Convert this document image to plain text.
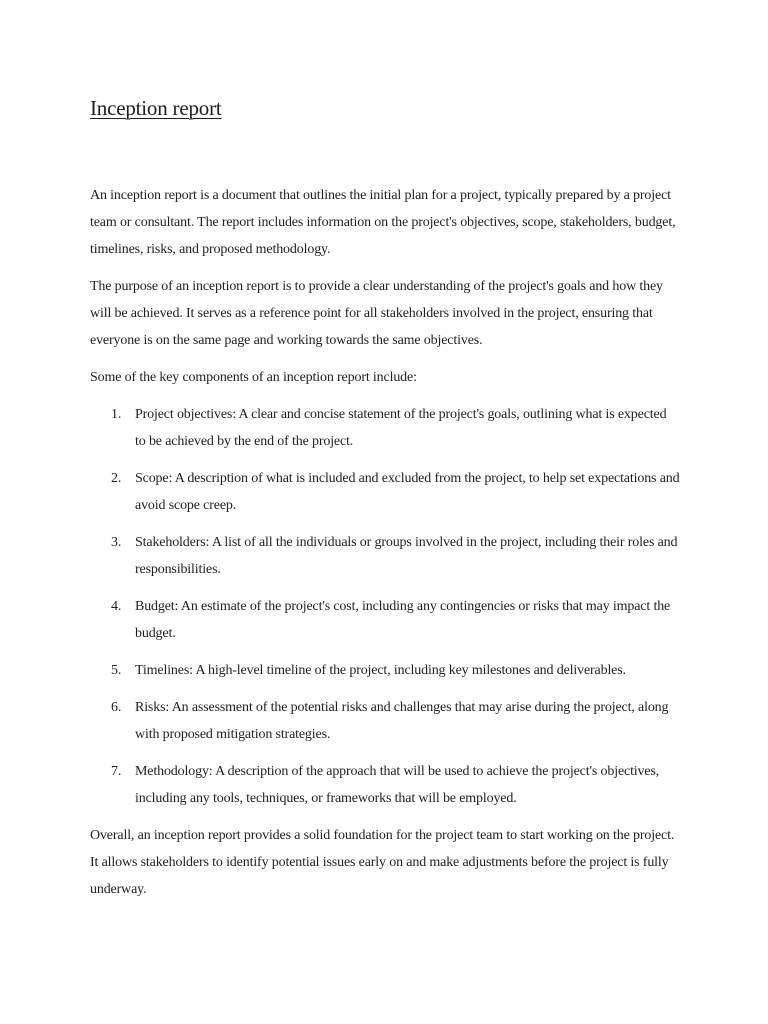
Inception report

An inception report is a document that outlines the initial plan for a project, typically prepared by a project team or consultant. The report includes information on the project's objectives, scope, stakeholders, budget, timelines, risks, and proposed methodology.

The purpose of an inception report is to provide a clear understanding of the project's goals and how they will be achieved. It serves as a reference point for all stakeholders involved in the project, ensuring that everyone is on the same page and working towards the same objectives.

Some of the key components of an inception report include:

1. Project objectives: A clear and concise statement of the project's goals, outlining what is expected to be achieved by the end of the project.
2. Scope: A description of what is included and excluded from the project, to help set expectations and avoid scope creep.
3. Stakeholders: A list of all the individuals or groups involved in the project, including their roles and responsibilities.
4. Budget: An estimate of the project's cost, including any contingencies or risks that may impact the budget.
5. Timelines: A high-level timeline of the project, including key milestones and deliverables.
6. Risks: An assessment of the potential risks and challenges that may arise during the project, along with proposed mitigation strategies.
7. Methodology: A description of the approach that will be used to achieve the project's objectives, including any tools, techniques, or frameworks that will be employed.

Overall, an inception report provides a solid foundation for the project team to start working on the project. It allows stakeholders to identify potential issues early on and make adjustments before the project is fully underway.
